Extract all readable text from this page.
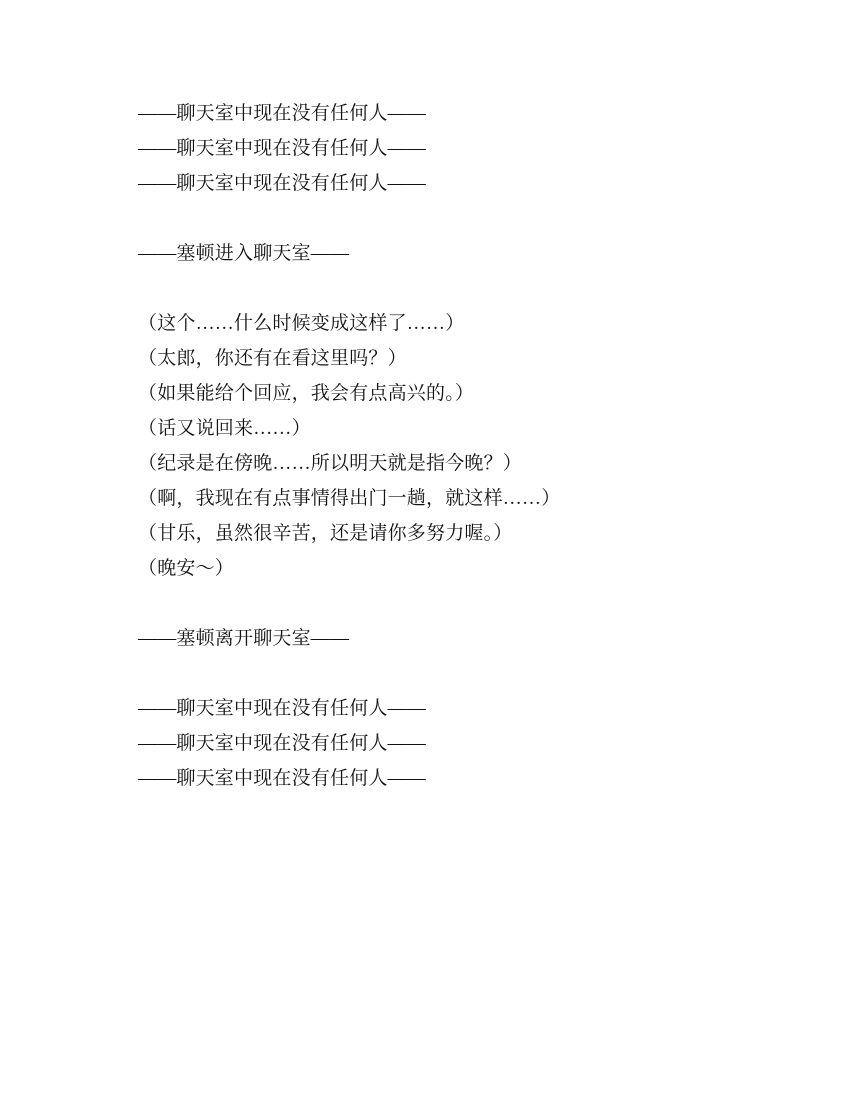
——聊天室中现在没有任何人——
——聊天室中现在没有任何人——
——聊天室中现在没有任何人——
——塞顿进入聊天室——
（这个……什么时候变成这样了……）
（太郎，你还有在看这里吗？）
（如果能给个回应，我会有点高兴的。）
（话又说回来……）
（纪录是在傍晚……所以明天就是指今晚？）
（啊，我现在有点事情得出门一趟，就这样……）
（甘乐，虽然很辛苦，还是请你多努力喔。）
（晚安～）
——塞顿离开聊天室——
——聊天室中现在没有任何人——
——聊天室中现在没有任何人——
——聊天室中现在没有任何人——
